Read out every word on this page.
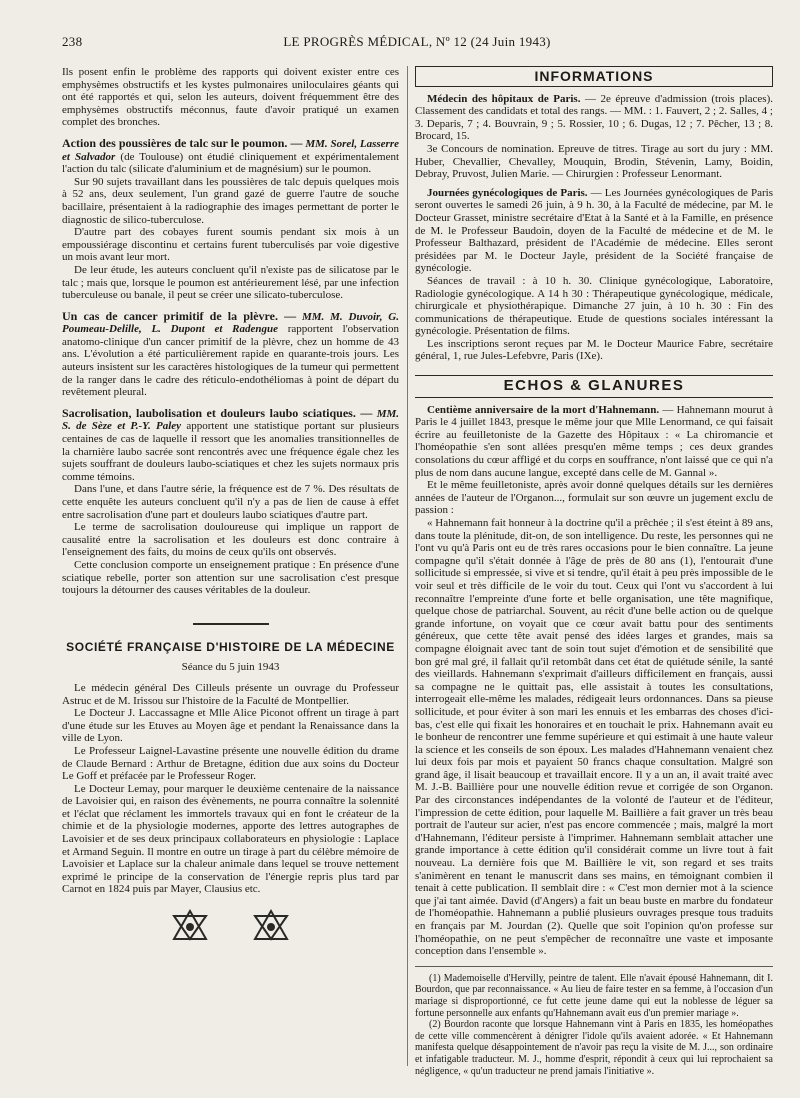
238	LE PROGRÈS MÉDICAL, Nº 12 (24 Juin 1943)

Ils posent enfin le problème des rapports qui doivent exister entre ces emphysèmes obstructifs et les kystes pulmonaires uniloculaires géants qui ont été rapportés et qui, selon les auteurs, doivent fréquemment être des emphysèmes obstructifs méconnus, faute d'avoir pratiqué un examen complet des bronches.

Action des poussières de talc sur le poumon. — MM. Sorel, Lasserre et Salvador (de Toulouse) ont étudié cliniquement et expérimentalement l'action du talc (silicate d'aluminium et de magnésium) sur le poumon.

Sur 90 sujets travaillant dans les poussières de talc depuis quelques mois à 52 ans, deux seulement, l'un grand gazé de guerre l'autre de souche bacillaire, présentaient à la radiographie des images permettant de porter le diagnostic de silico-tuberculose.

D'autre part des cobayes furent soumis pendant six mois à un empoussiérage discontinu et certains furent tuberculisés par voie digestive un mois avant leur mort.

De leur étude, les auteurs concluent qu'il n'existe pas de silicatose par le talc ; mais que, lorsque le poumon est antérieurement lésé, par une infection tuberculeuse ou banale, il peut se créer une silicato-tuberculose.

Un cas de cancer primitif de la plèvre. — MM. M. Duvoir, G. Poumeau-Delille, L. Dupont et Radengue rapportent l'observation anatomo-clinique d'un cancer primitif de la plèvre, chez un homme de 43 ans. L'évolution a été particulièrement rapide en quarante-trois jours. Les auteurs insistent sur les caractères histologiques de la tumeur qui permettent de la ranger dans le cadre des réticulo-endothéliomas à point de départ du revêtement pleural.

Sacrolisation, laubolisation et douleurs laubo sciatiques. — MM. S. de Sèze et P.-Y. Paley apportent une statistique portant sur plusieurs centaines de cas de laquelle il ressort que les anomalies transitionnelles de la charnière laubo sacrée sont rencontrés avec une fréquence égale chez les sujets souffrant de douleurs laubo-sciatiques et chez les sujets normaux pris comme témoins.

Dans l'une, et dans l'autre série, la fréquence est de 7 %. Des résultats de cette enquête les auteurs concluent qu'il n'y a pas de lien de cause à effet entre sacrolisation d'une part et douleurs laubo sciatiques d'autre part.

Le terme de sacrolisation douloureuse qui implique un rapport de causalité entre la sacrolisation et les douleurs est donc contraire à l'enseignement des faits, du moins de ceux qu'ils ont observés.

Cette conclusion comporte un enseignement pratique : En présence d'une sciatique rebelle, porter son attention sur une sacrolisation c'est presque toujours la détourner des causes véritables de la douleur.

SOCIÉTÉ FRANÇAISE D'HISTOIRE DE LA MÉDECINE
Séance du 5 juin 1943

Le médecin général Des Cilleuls présente un ouvrage du Professeur Astruc et de M. Irissou sur l'histoire de la Faculté de Montpellier.

Le Docteur J. Laccassagne et Mlle Alice Piconot offrent un tirage à part d'une étude sur les Etuves au Moyen âge et pendant la Renaissance dans la ville de Lyon.

Le Professeur Laignel-Lavastine présente une nouvelle édition du drame de Claude Bernard : Arthur de Bretagne, édition due aux soins du Docteur Le Goff et préfacée par le Professeur Roger.

Le Docteur Lemay, pour marquer le deuxième centenaire de la naissance de Lavoisier qui, en raison des évènements, ne pourra connaître la solennité et l'éclat que réclament les immortels travaux qui en font le créateur de la chimie et de la physiologie modernes, apporte des lettres autographes de Lavoisier et de ses deux principaux collaborateurs en physiologie : Laplace et Armand Seguin. Il montre en outre un tirage à part du célèbre mémoire de Lavoisier et Laplace sur la chaleur animale dans lequel se trouve nettement exprimé le principe de la conservation de l'énergie repris plus tard par Carnot en 1824 puis par Mayer, Clausius etc.

INFORMATIONS

Médecin des hôpitaux de Paris. — 2e épreuve d'admission (trois places). Classement des candidats et total des rangs. — MM. : 1. Fauvert, 2 ; 2. Salles, 4 ; 3. Deparis, 7 ; 4. Bouvrain, 9 ; 5. Rossier, 10 ; 6. Dugas, 12 ; 7. Pêcher, 13 ; 8. Brocard, 15.

3e Concours de nomination. Epreuve de titres. Tirage au sort du jury : MM. Huber, Chevallier, Chevalley, Mouquin, Brodin, Stévenin, Lamy, Boidin, Debray, Pruvost, Julien Marie. — Chirurgien : Professeur Lenormant.

Journées gynécologiques de Paris. — Les Journées gynécologiques de Paris seront ouvertes le samedi 26 juin, à 9 h. 30, à la Faculté de médecine, par M. le Docteur Grasset, ministre secrétaire d'Etat à la Santé et à la Famille, en présence de M. le Professeur Baudoin, doyen de la Faculté de médecine et de M. le Professeur Balthazard, président de l'Académie de médecine. Elles seront présidées par M. le Docteur Jayle, président de la Société française de gynécologie.

Séances de travail : à 10 h. 30. Clinique gynécologique, Laboratoire, Radiologie gynécologique. A 14 h 30 : Thérapeutique gynécologique, médicale, chirurgicale et physiothérapique. Dimanche 27 juin, à 10 h. 30 : Fin des communications de thérapeutique. Etude de questions sociales intéressant la gynécologie. Présentation de films.

Les inscriptions seront reçues par M. le Docteur Maurice Fabre, secrétaire général, 1, rue Jules-Lefebvre, Paris (IXe).

ECHOS & GLANURES

Centième anniversaire de la mort d'Hahnemann. — Hahnemann mourut à Paris le 4 juillet 1843, presque le même jour que Mlle Lenormand, ce qui faisait écrire au feuilletoniste de la Gazette des Hôpitaux : « La chiromancie et l'homéopathie s'en sont allées presqu'en même temps ; ces deux grandes consolations du cœur affligé et du corps en souffrance, n'ont laissé que ce qui n'a plus de nom dans aucune langue, excepté dans celle de M. Gannal ».

Et le même feuilletoniste, après avoir donné quelques détails sur les dernières années de l'auteur de l'Organon..., formulait sur son œuvre un jugement exclu de passion :

« Hahnemann fait honneur à la doctrine qu'il a prêchée ; il s'est éteint à 89 ans, dans toute la plénitude, dit-on, de son intelligence. Du reste, les personnes qui ne l'ont vu qu'à Paris ont eu de très rares occasions pour le bien connaître. La jeune compagne qu'il s'était donnée à l'âge de près de 80 ans (1), l'entourait d'une sollicitude si empressée, si vive et si tendre, qu'il était à peu près impossible de le voir seul et très difficile de le voir du tout. Ceux qui l'ont vu s'accordent à lui reconnaître l'empreinte d'une forte et belle organisation, une tête magnifique, quelque chose de patriarchal. Souvent, au récit d'une belle action ou de quelque grande infortune, on voyait que ce cœur avait battu pour des sentiments généreux, que cette tête avait pensé des idées larges et grandes, mais sa compagne éloignait avec tant de soin tout sujet d'émotion et de sensibilité que bon gré mal gré, il fallait qu'il retombât dans cet état de quiétude sénile, la santé des vieillards. Hahnemann s'exprimait d'ailleurs difficilement en français, aussi sa compagne ne le quittait pas, elle assistait à toutes les consultations, interrogeait elle-même les malades, rédigeait leurs ordonnances. Dans sa pieuse sollicitude, et pour éviter à son mari les ennuis et les embarras des choses d'ici-bas, c'est elle qui fixait les honoraires et en touchait le prix. Hahnemann avait eu le bonheur de rencontrer une femme supérieure et qui estimait à une haute valeur la science et les conseils de son époux. Les malades d'Hahnemann venaient chez lui deux fois par mois et payaient 50 francs chaque consultation. Malgré son grand âge, il lisait beaucoup et travaillait encore. Il y a un an, il avait traité avec M. J.-B. Baillière pour une nouvelle édition revue et corrigée de son Organon. Par des circonstances indépendantes de la volonté de l'auteur et de l'éditeur, l'impression de cette édition, pour laquelle M. Baillière a fait graver un très beau portrait de l'auteur sur acier, n'est pas encore commencée ; mais, malgré la mort d'Hahnemann, l'éditeur persiste à l'imprimer. Hahnemann semblait attacher une grande importance à cette édition qu'il considérait comme un livre tout à fait nouveau. La dernière fois que M. Baillière le vit, son regard et ses traits s'animèrent en tenant le manuscrit dans ses mains, en témoignant combien il tenait à cette publication. Il semblait dire : « C'est mon dernier mot à la science que j'ai tant aimée. David (d'Angers) a fait un beau buste en marbre du fondateur de l'homéopathie. Hahnemann a publié plusieurs ouvrages presque tous traduits en français par M. Jourdan (2). Quelle que soit l'opinion qu'on professe sur l'homéopathie, on ne peut s'empêcher de reconnaître une vaste et imposante conception dans l'ensemble ».

(1) Mademoiselle d'Hervilly, peintre de talent. Elle n'avait épousé Hahnemann, dit I. Bourdon, que par reconnaissance. « Au lieu de faire tester en sa femme, à l'occasion d'un mariage si disproportionné, ce fut cette jeune dame qui eut la noblesse de léguer sa fortune personnelle aux enfants qu'Hahnemann avait eus d'un premier mariage ».

(2) Bourdon raconte que lorsque Hahnemann vint à Paris en 1835, les homéopathes de cette ville commencèrent à dénigrer l'idole qu'ils avaient adorée. « Et Hahnemann manifesta quelque désappointement de n'avoir pas reçu la visite de M. J..., son ordinaire et infatigable traducteur. M. J., homme d'esprit, répondit à ceux qui lui reprochaient sa négligence, « qu'un traducteur ne prend jamais l'initiative ».
